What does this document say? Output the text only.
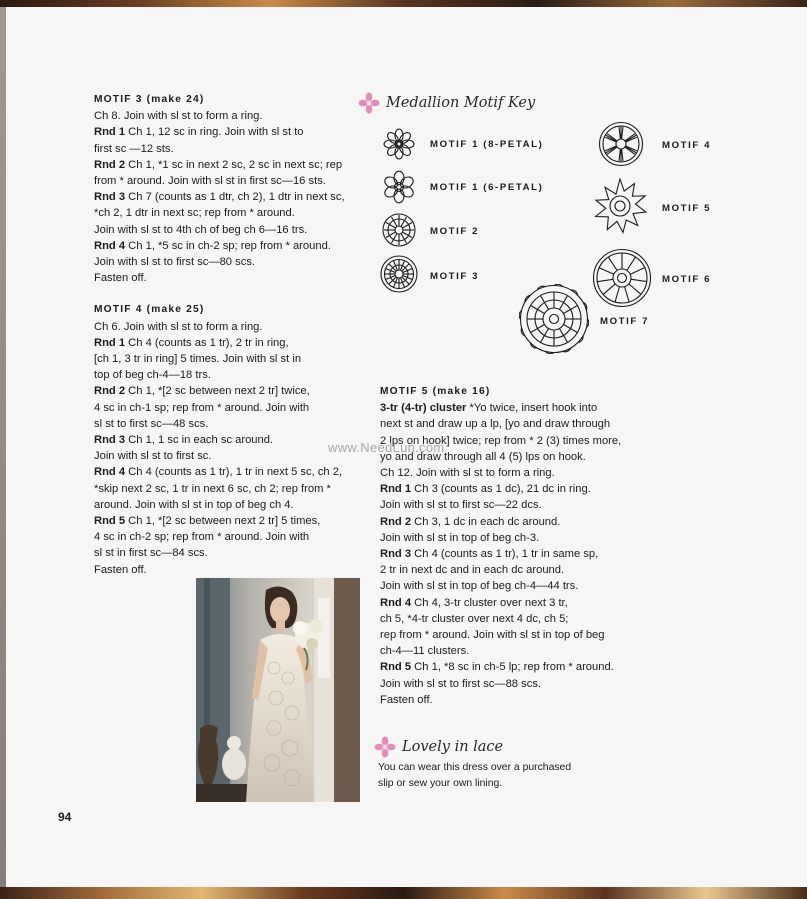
MOTIF 3 (make 24)

Ch 8. Join with sl st to form a ring.

Rnd 1 Ch 1, 12 sc in ring. Join with sl st to

first sc —12 sts.

Rnd 2 Ch 1, *1 sc in next 2 sc, 2 sc in next sc; rep

from * around. Join with sl st in first sc—16 sts.

Rnd 3 Ch 7 (counts as 1 dtr, ch 2), 1 dtr in next sc,

*ch 2, 1 dtr in next sc; rep from * around.

Join with sl st to 4th ch of beg ch 6—16 trs.

Rnd 4 Ch 1, *5 sc in ch-2 sp; rep from * around.

Join with sl st to first sc—80 scs.

Fasten off.

MOTIF 4 (make 25)

Ch 6. Join with sl st to form a ring.

Rnd 1 Ch 4 (counts as 1 tr), 2 tr in ring,

[ch 1, 3 tr in ring] 5 times. Join with sl st in

top of beg ch-4—18 trs.

Rnd 2 Ch 1, *[2 sc between next 2 tr] twice,

4 sc in ch-1 sp; rep from * around. Join with

sl st to first sc—48 scs.

Rnd 3 Ch 1, 1 sc in each sc around.

Join with sl st to first sc.

Rnd 4 Ch 4 (counts as 1 tr), 1 tr in next 5 sc, ch 2,

*skip next 2 sc, 1 tr in next 6 sc, ch 2; rep from *

around. Join with sl st in top of beg ch 4.

Rnd 5 Ch 1, *[2 sc between next 2 tr] 5 times,

4 sc in ch-2 sp; rep from * around. Join with

sl st in first sc—84 scs.

Fasten off.

MOTIF 5 (make 16)

3-tr (4-tr) cluster *Yo twice, insert hook into

next st and draw up a lp, [yo and draw through

2 lps on hook] twice; rep from * 2 (3) times more,

yo and draw through all 4 (5) lps on hook.

Ch 12. Join with sl st to form a ring.

Rnd 1 Ch 3 (counts as 1 dc), 21 dc in ring.

Join with sl st to first sc—22 dcs.

Rnd 2 Ch 3, 1 dc in each dc around.

Join with sl st in top of beg ch-3.

Rnd 3 Ch 4 (counts as 1 tr), 1 tr in same sp,

2 tr in next dc and in each dc around.

Join with sl st in top of beg ch-4—44 trs.

Rnd 4 Ch 4, 3-tr cluster over next 3 tr,

ch 5, *4-tr cluster over next 4 dc, ch 5;

rep from * around. Join with sl st in top of beg

ch-4—11 clusters.

Rnd 5 Ch 1, *8 sc in ch-5 lp; rep from * around.

Join with sl st to first sc—88 scs.

Fasten off.

Medallion Motif Key
MOTIF 1 (8-PETAL)
MOTIF 1 (6-PETAL)
MOTIF 2
MOTIF 3
MOTIF 4
MOTIF 5
MOTIF 6
MOTIF 7
www.NeedLun.com
Lovely in lace
You can wear this dress over a purchased
slip or sew your own lining.
94
